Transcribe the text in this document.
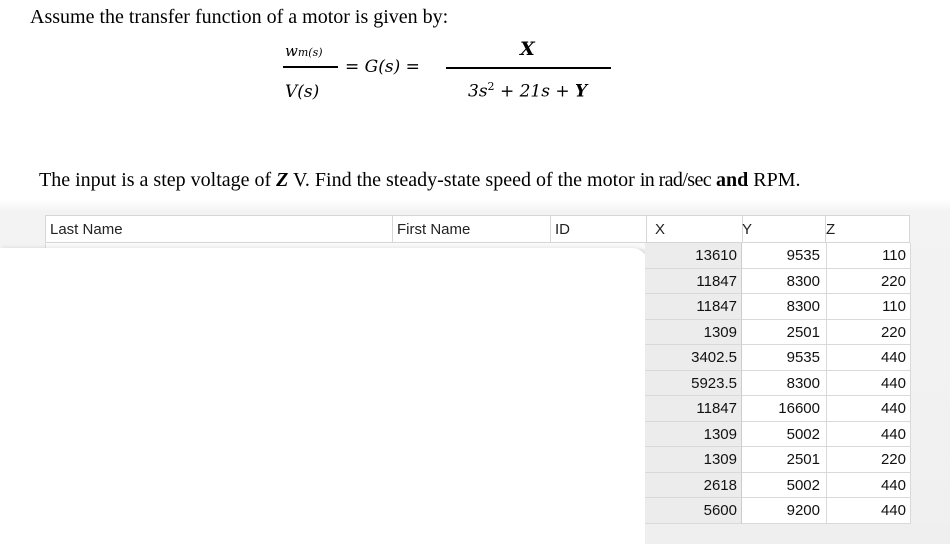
Assume the transfer function of a motor is given by:
wm(s)
V(s)
= G(s) =
X
$3s^2 + 21s + Y$
The input is a step voltage of Z V. Find the steady-state speed of the motor in rad/sec and RPM.
Last Name	First Name	ID	X	Y	Z
13610	9535	110
11847	8300	220
11847	8300	110
1309	2501	220
3402.5	9535	440
5923.5	8300	440
11847	16600	440
1309	5002	440
1309	2501	220
2618	5002	440
5600	9200	440
